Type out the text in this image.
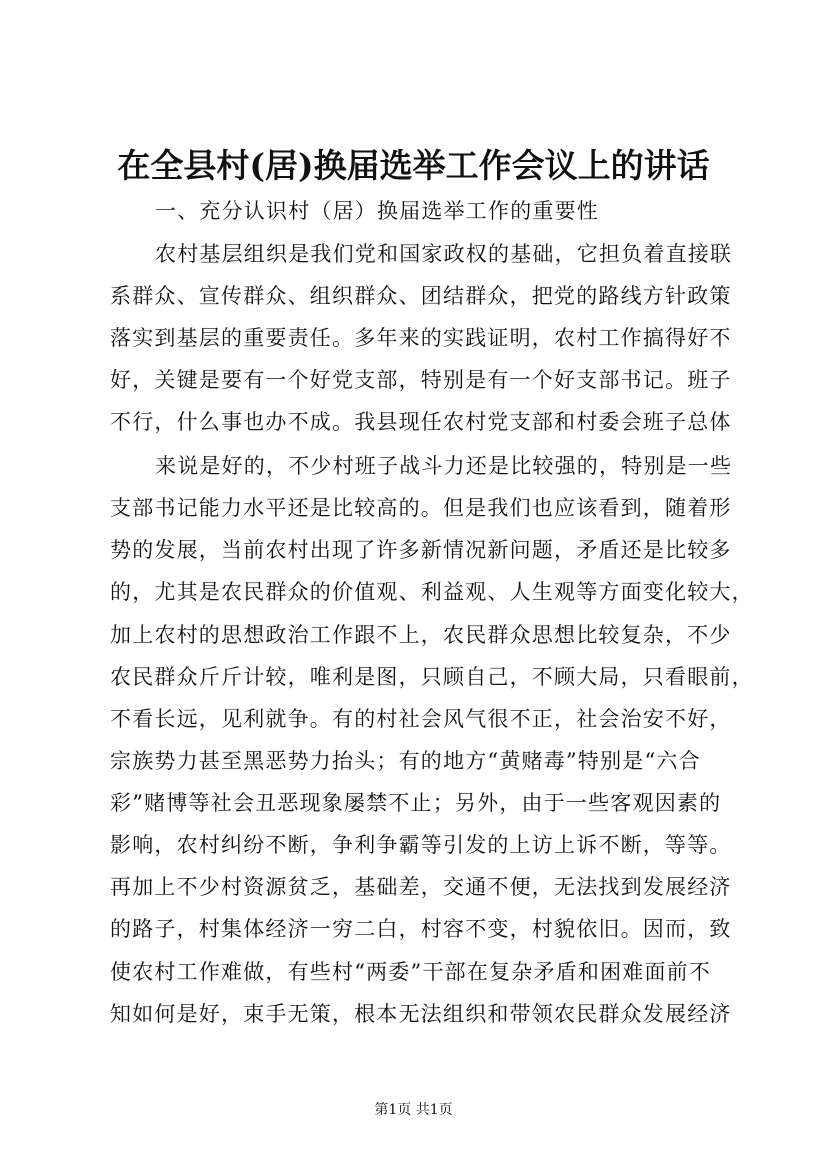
在全县村(居)换届选举工作会议上的讲话
一、充分认识村（居）换届选举工作的重要性
农村基层组织是我们党和国家政权的基础，它担负着直接联
系群众、宣传群众、组织群众、团结群众，把党的路线方针政策
落实到基层的重要责任。多年来的实践证明，农村工作搞得好不
好，关键是要有一个好党支部，特别是有一个好支部书记。班子
不行，什么事也办不成。我县现任农村党支部和村委会班子总体
来说是好的，不少村班子战斗力还是比较强的，特别是一些
支部书记能力水平还是比较高的。但是我们也应该看到，随着形
势的发展，当前农村出现了许多新情况新问题，矛盾还是比较多
的，尤其是农民群众的价值观、利益观、人生观等方面变化较大，
加上农村的思想政治工作跟不上，农民群众思想比较复杂，不少
农民群众斤斤计较，唯利是图，只顾自己，不顾大局，只看眼前，
不看长远，见利就争。有的村社会风气很不正，社会治安不好，
宗族势力甚至黑恶势力抬头；有的地方“黄赌毒”特别是“六合
彩”赌博等社会丑恶现象屡禁不止；另外，由于一些客观因素的
影响，农村纠纷不断，争利争霸等引发的上访上诉不断，等等。
再加上不少村资源贫乏，基础差，交通不便，无法找到发展经济
的路子，村集体经济一穷二白，村容不变，村貌依旧。因而，致
使农村工作难做，有些村“两委”干部在复杂矛盾和困难面前不
知如何是好，束手无策，根本无法组织和带领农民群众发展经济
第1页 共1页
